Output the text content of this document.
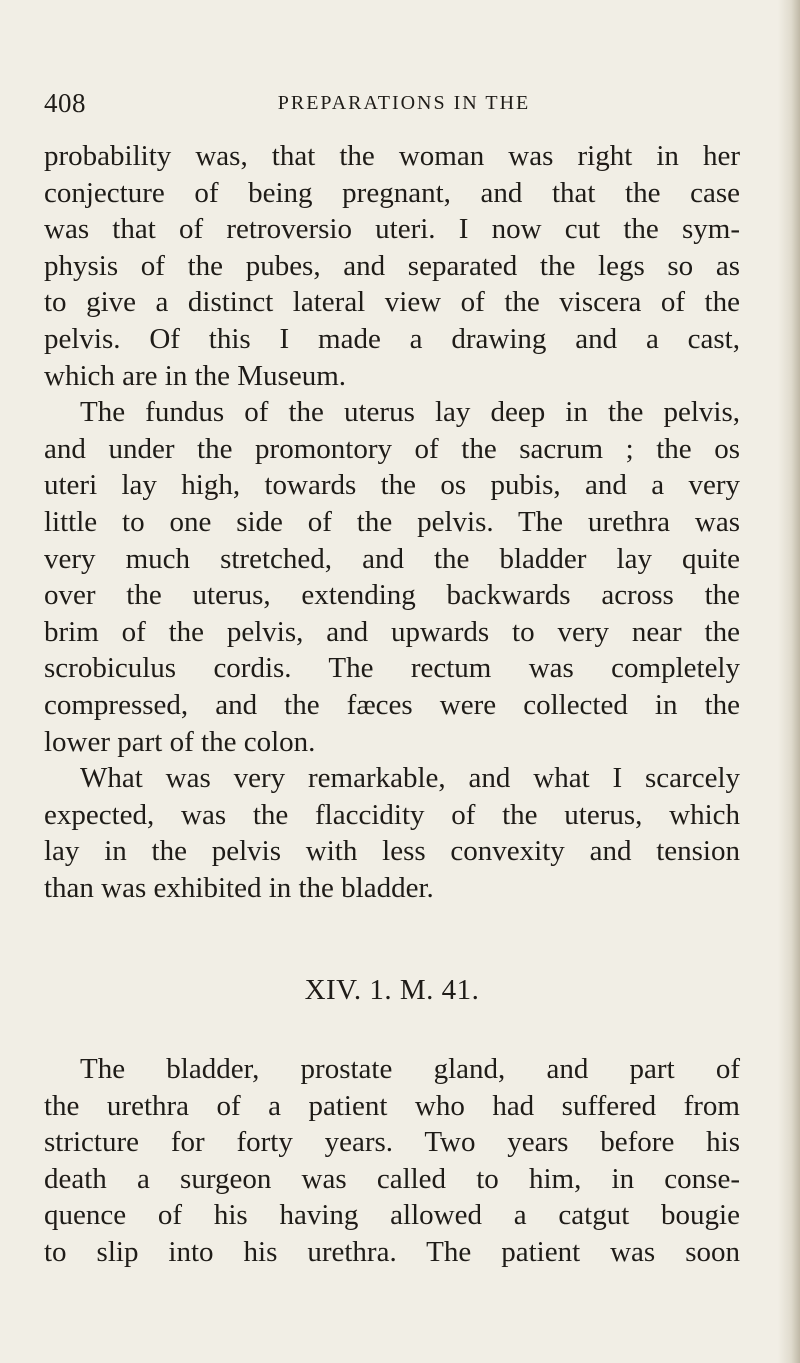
408	PREPARATIONS IN THE

probability was, that the woman was right in her
conjecture of being pregnant, and that the case
was that of retroversio uteri. I now cut the sym-
physis of the pubes, and separated the legs so as
to give a distinct lateral view of the viscera of the
pelvis. Of this I made a drawing and a cast,
which are in the Museum.

The fundus of the uterus lay deep in the pelvis,
and under the promontory of the sacrum ; the os
uteri lay high, towards the os pubis, and a very
little to one side of the pelvis. The urethra was
very much stretched, and the bladder lay quite
over the uterus, extending backwards across the
brim of the pelvis, and upwards to very near the
scrobiculus cordis. The rectum was completely
compressed, and the fæces were collected in the
lower part of the colon.

What was very remarkable, and what I scarcely
expected, was the flaccidity of the uterus, which
lay in the pelvis with less convexity and tension
than was exhibited in the bladder.

XIV. 1. M. 41.

The bladder, prostate gland, and part of
the urethra of a patient who had suffered from
stricture for forty years. Two years before his
death a surgeon was called to him, in conse-
quence of his having allowed a catgut bougie
to slip into his urethra. The patient was soon
